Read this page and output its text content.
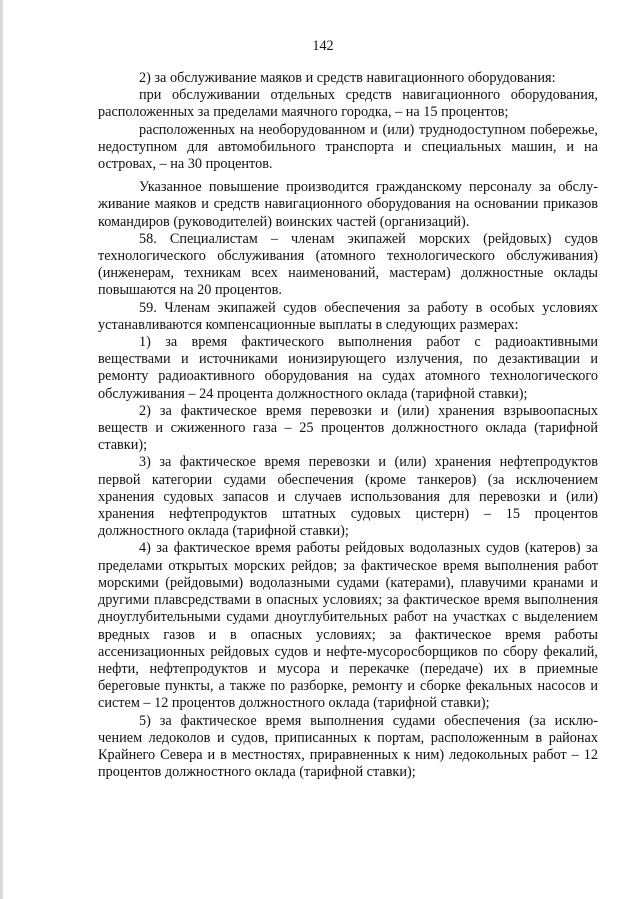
142

2) за обслуживание маяков и средств навигационного оборудования:

при обслуживании отдельных средств навигационного оборудования, расположенных за пределами маячного городка, – на 15 процентов;

расположенных на необорудованном и (или) труднодоступном побережье, недоступном для автомобильного транспорта и специальных машин, и на островах, – на 30 процентов.

Указанное повышение производится гражданскому персоналу за обслу-живание маяков и средств навигационного оборудования на основании приказов командиров (руководителей) воинских частей (организаций).

58. Специалистам – членам экипажей морских (рейдовых) судов технологического обслуживания (атомного технологического обслуживания) (инженерам, техникам всех наименований, мастерам) должностные оклады повышаются на 20 процентов.

59. Членам экипажей судов обеспечения за работу в особых условиях устанавливаются компенсационные выплаты в следующих размерах:

1) за время фактического выполнения работ с радиоактивными веществами и источниками ионизирующего излучения, по дезактивации и ремонту радиоактивного оборудования на судах атомного технологического обслуживания – 24 процента должностного оклада (тарифной ставки);

2) за фактическое время перевозки и (или) хранения взрывоопасных веществ и сжиженного газа – 25 процентов должностного оклада (тарифной ставки);

3) за фактическое время перевозки и (или) хранения нефтепродуктов первой категории судами обеспечения (кроме танкеров) (за исключением хранения судовых запасов и случаев использования для перевозки и (или) хранения нефтепродуктов штатных судовых цистерн) – 15 процентов должностного оклада (тарифной ставки);

4) за фактическое время работы рейдовых водолазных судов (катеров) за пределами открытых морских рейдов; за фактическое время выполнения работ морскими (рейдовыми) водолазными судами (катерами), плавучими кранами и другими плавсредствами в опасных условиях; за фактическое время выполнения дноуглубительными судами дноуглубительных работ на участках с выделением вредных газов и в опасных условиях; за фактическое время работы ассенизационных рейдовых судов и нефте-мусоросборщиков по сбору фекалий, нефти, нефтепродуктов и мусора и перекачке (передаче) их в приемные береговые пункты, а также по разборке, ремонту и сборке фекальных насосов и систем – 12 процентов должностного оклада (тарифной ставки);

5) за фактическое время выполнения судами обеспечения (за исклю-чением ледоколов и судов, приписанных к портам, расположенным в районах Крайнего Севера и в местностях, приравненных к ним) ледокольных работ – 12 процентов должностного оклада (тарифной ставки);
